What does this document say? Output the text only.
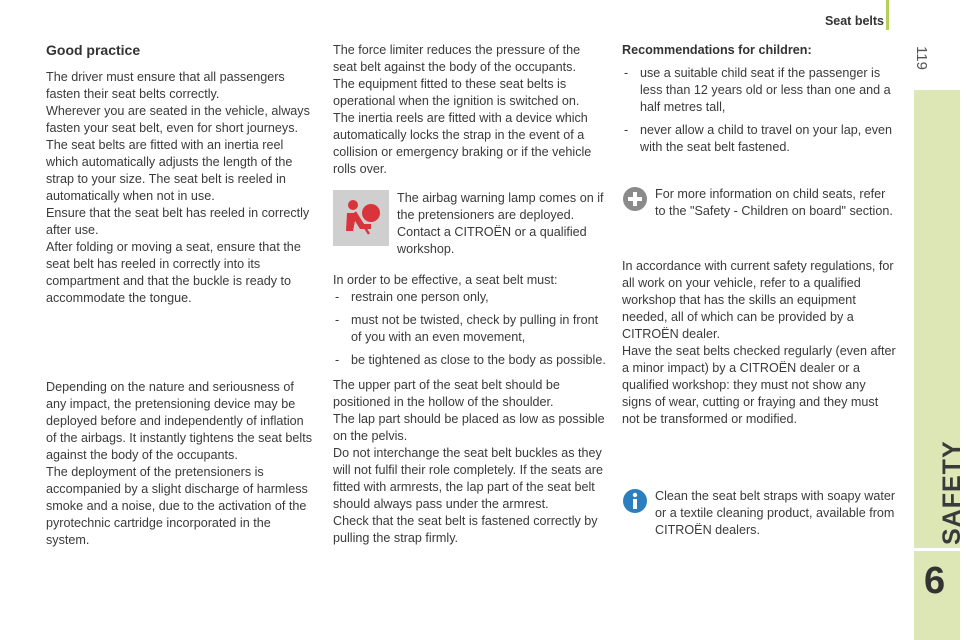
Seat belts
119
SAFETY
6
Good practice

The driver must ensure that all passengers fasten their seat belts correctly.

Wherever you are seated in the vehicle, always fasten your seat belt, even for short journeys.

The seat belts are fitted with an inertia reel which automatically adjusts the length of the strap to your size. The seat belt is reeled in automatically when not in use.

Ensure that the seat belt has reeled in correctly after use.

After folding or moving a seat, ensure that the seat belt has reeled in correctly into its compartment and that the buckle is ready to accommodate the tongue.

Depending on the nature and seriousness of any impact, the pretensioning device may be deployed before and independently of inflation of the airbags. It instantly tightens the seat belts against the body of the occupants.

The deployment of the pretensioners is accompanied by a slight discharge of harmless smoke and a noise, due to the activation of the pyrotechnic cartridge incorporated in the system.

The force limiter reduces the pressure of the seat belt against the body of the occupants.

The equipment fitted to these seat belts is operational when the ignition is switched on.

The inertia reels are fitted with a device which automatically locks the strap in the event of a collision or emergency braking or if the vehicle rolls over.

The airbag warning lamp comes on if the pretensioners are deployed. Contact a CITROËN or a qualified workshop.

In order to be effective, a seat belt must:

- restrain one person only,
- must not be twisted, check by pulling in front of you with an even movement,
- be tightened as close to the body as possible.

The upper part of the seat belt should be positioned in the hollow of the shoulder.

The lap part should be placed as low as possible on the pelvis.

Do not interchange the seat belt buckles as they will not fulfil their role completely. If the seats are fitted with armrests, the lap part of the seat belt should always pass under the armrest.

Check that the seat belt is fastened correctly by pulling the strap firmly.

Recommendations for children:
- use a suitable child seat if the passenger is less than 12 years old or less than one and a half metres tall,
- never allow a child to travel on your lap, even with the seat belt fastened.
For more information on child seats, refer to the "Safety - Children on board" section.

In accordance with current safety regulations, for all work on your vehicle, refer to a qualified workshop that has the skills an equipment needed, all of which can be provided by a CITROËN dealer.

Have the seat belts checked regularly (even after a minor impact) by a CITROËN dealer or a qualified workshop: they must not show any signs of wear, cutting or fraying and they must not be transformed or modified.

Clean the seat belt straps with soapy water or a textile cleaning product, available from CITROËN dealers.
